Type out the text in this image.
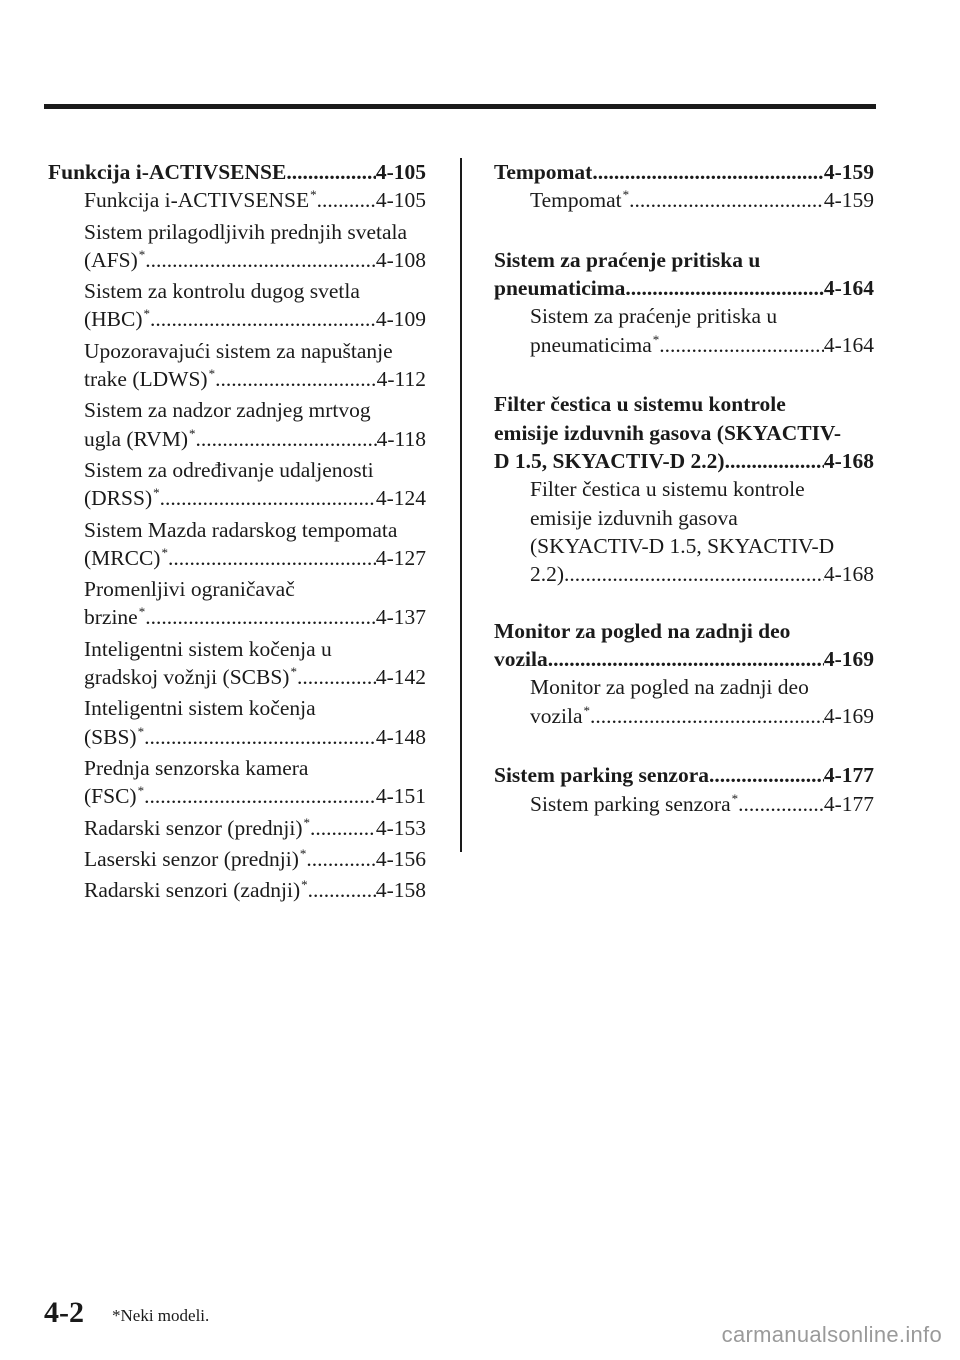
Funkcija i-ACTIVSENSE .....	4-105
Funkcija i-ACTIVSENSE * .....	4-105
Sistem prilagodljivih prednjih svetala
(AFS) * .....	4-108
Sistem za kontrolu dugog svetla
(HBC) * .....	4-109
Upozoravajući sistem za napuštanje
trake (LDWS) * .....	4-112
Sistem za nadzor zadnjeg mrtvog
ugla (RVM) * .....	4-118
Sistem za određivanje udaljenosti
(DRSS) * .....	4-124
Sistem Mazda radarskog tempomata
(MRCC) * .....	4-127
Promenljivi ograničavač
brzine * .....	4-137
Inteligentni sistem kočenja u
gradskoj vožnji (SCBS) * .....	4-142
Inteligentni sistem kočenja
(SBS) * .....	4-148
Prednja senzorska kamera
(FSC) * .....	4-151
Radarski senzor (prednji) * .....	4-153
Laserski senzor (prednji) * .....	4-156
Radarski senzori (zadnji) * .....	4-158
Tempomat .....	4-159
Tempomat * .....	4-159
Sistem za praćenje pritiska u
pneumaticima .....	4-164
Sistem za praćenje pritiska u
pneumaticima * .....	4-164
Filter čestica u sistemu kontrole
emisije izduvnih gasova (SKYACTIV-
D 1.5, SKYACTIV-D 2.2) .....	4-168
Filter čestica u sistemu kontrole
emisije izduvnih gasova
(SKYACTIV-D 1.5, SKYACTIV-D
2.2) .....	4-168
Monitor za pogled na zadnji deo
vozila .....	4-169
Monitor za pogled na zadnji deo
vozila * .....	4-169
Sistem parking senzora .....	4-177
Sistem parking senzora * .....	4-177
4-2 *Neki modeli.
carmanualsonline.info
